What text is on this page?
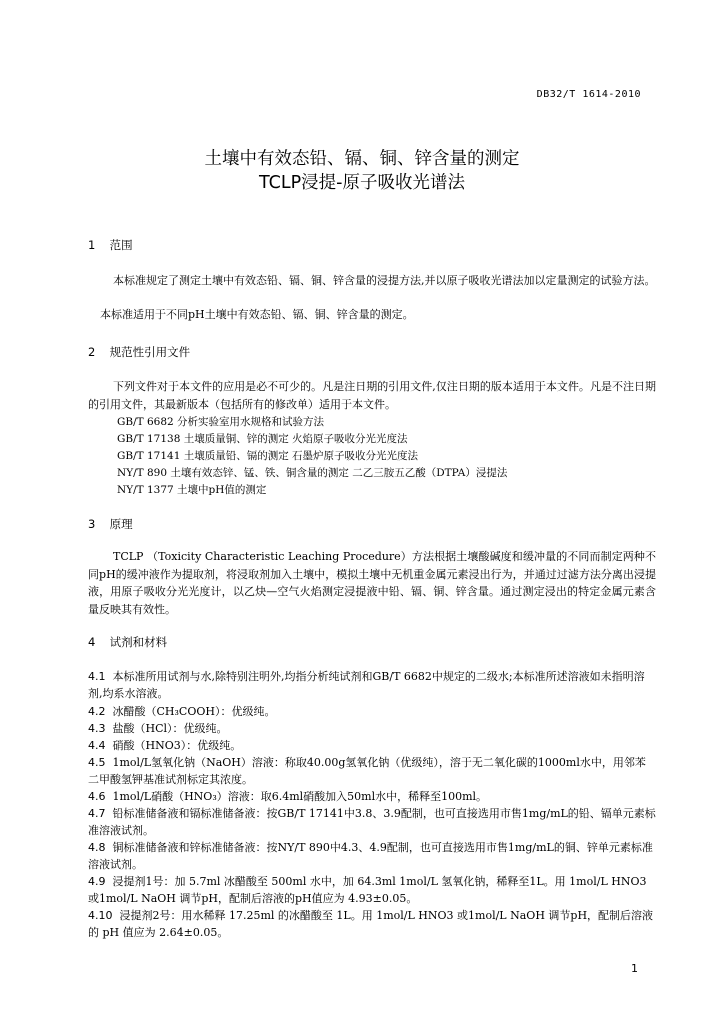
DB32/T 1614-2010
土壤中有效态铅、镉、铜、锌含量的测定
TCLP浸提-原子吸收光谱法
1 范围
本标准规定了测定土壤中有效态铅、镉、铜、锌含量的浸提方法,并以原子吸收光谱法加以定量测定的试验方法。
本标准适用于不同pH土壤中有效态铅、镉、铜、锌含量的测定。
2 规范性引用文件
下列文件对于本文件的应用是必不可少的。凡是注日期的引用文件,仅注日期的版本适用于本文件。凡是不注日期的引用文件，其最新版本（包括所有的修改单）适用于本文件。
GB/T 6682 分析实验室用水规格和试验方法
GB/T 17138 土壤质量铜、锌的测定 火焰原子吸收分光光度法
GB/T 17141 土壤质量铅、镉的测定 石墨炉原子吸收分光光度法
NY/T 890 土壤有效态锌、锰、铁、铜含量的测定 二乙三胺五乙酸（DTPA）浸提法
NY/T 1377 土壤中pH值的测定
3 原理
TCLP （Toxicity Characteristic Leaching Procedure）方法根据土壤酸碱度和缓冲量的不同而制定两种不同pH的缓冲液作为提取剂，将浸取剂加入土壤中，模拟土壤中无机重金属元素浸出行为，并通过过滤方法分离出浸提液，用原子吸收分光光度计，以乙炔—空气火焰测定浸提液中铅、镉、铜、锌含量。通过测定浸出的特定金属元素含量反映其有效性。
4 试剂和材料
4.1 本标准所用试剂与水,除特别注明外,均指分析纯试剂和GB/T 6682中规定的二级水;本标准所述溶液如未指明溶剂,均系水溶液。
4.2 冰醋酸（CH₃COOH）：优级纯。
4.3 盐酸（HCl）：优级纯。
4.4 硝酸（HNO3）：优级纯。
4.5 1mol/L氢氧化钠（NaOH）溶液：称取40.00g氢氧化钠（优级纯），溶于无二氧化碳的1000ml水中，用邻苯二甲酸氢钾基准试剂标定其浓度。
4.6 1mol/L硝酸（HNO₃）溶液：取6.4ml硝酸加入50ml水中，稀释至100ml。
4.7 铅标准储备液和镉标准储备液：按GB/T 17141中3.8、3.9配制，也可直接选用市售1mg/mL的铅、镉单元素标准溶液试剂。
4.8 铜标准储备液和锌标准储备液：按NY/T 890中4.3、4.9配制，也可直接选用市售1mg/mL的铜、锌单元素标准溶液试剂。
4.9 浸提剂1号：加 5.7ml 冰醋酸至 500ml 水中，加 64.3ml 1mol/L 氢氧化钠，稀释至1L。用 1mol/L HNO3 或1mol/L NaOH 调节pH，配制后溶液的pH值应为 4.93±0.05。
4.10 浸提剂2号：用水稀释 17.25ml 的冰醋酸至 1L。用 1mol/L HNO3 或1mol/L NaOH 调节pH，配制后溶液的 pH 值应为 2.64±0.05。
1
